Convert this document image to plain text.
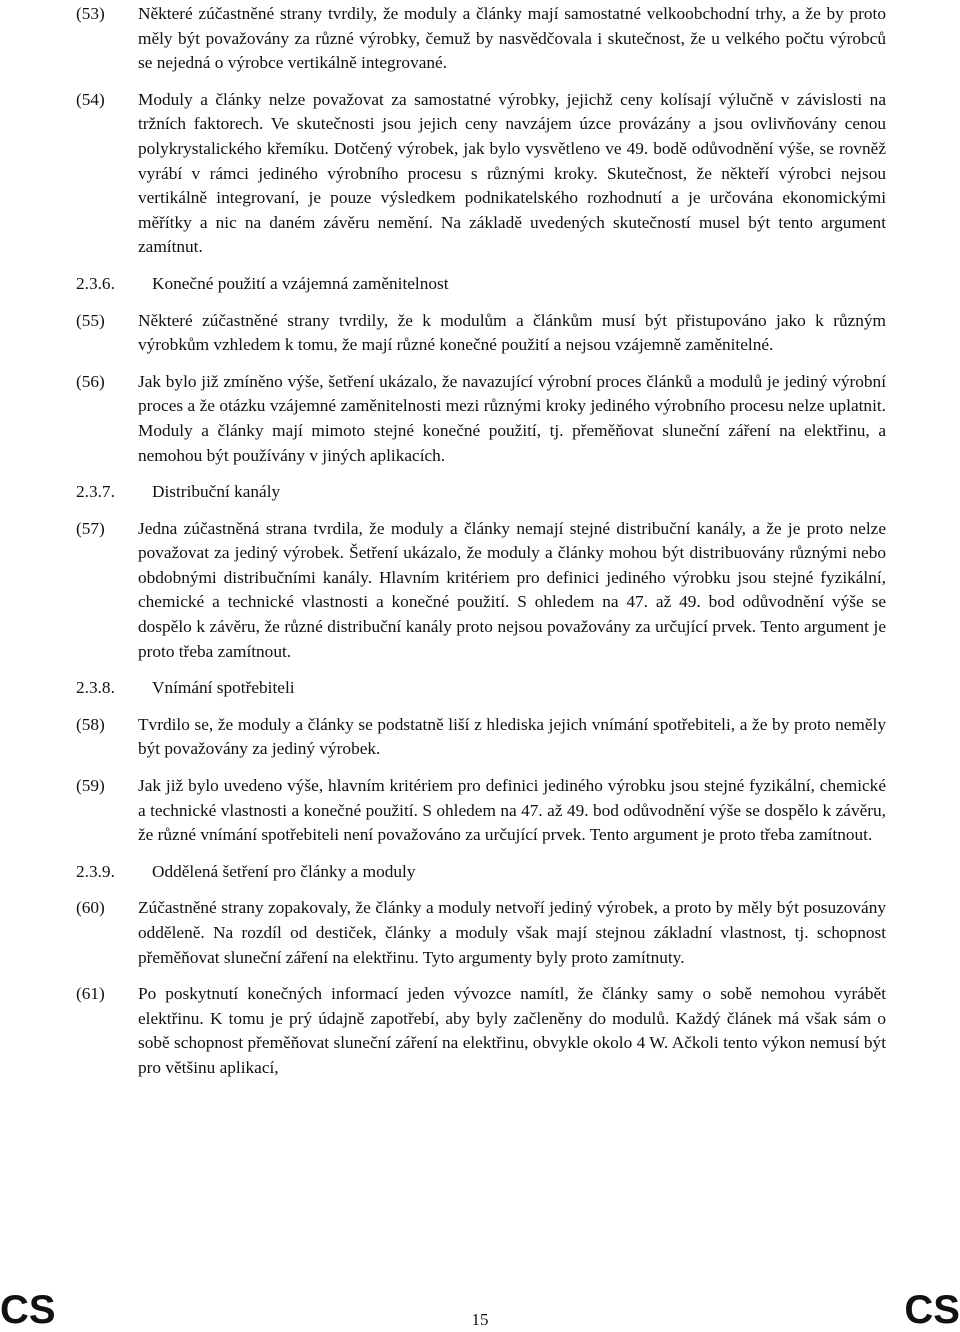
(53) Některé zúčastněné strany tvrdily, že moduly a články mají samostatné velkoobchodní trhy, a že by proto měly být považovány za různé výrobky, čemuž by nasvědčovala i skutečnost, že u velkého počtu výrobců se nejedná o výrobce vertikálně integrované.
(54) Moduly a články nelze považovat za samostatné výrobky, jejichž ceny kolísají výlučně v závislosti na tržních faktorech. Ve skutečnosti jsou jejich ceny navzájem úzce provázány a jsou ovlivňovány cenou polykrystalického křemíku. Dotčený výrobek, jak bylo vysvětleno ve 49. bodě odůvodnění výše, se rovněž vyrábí v rámci jediného výrobního procesu s různými kroky. Skutečnost, že někteří výrobci nejsou vertikálně integrovaní, je pouze výsledkem podnikatelského rozhodnutí a je určována ekonomickými měřítky a nic na daném závěru nemění. Na základě uvedených skutečností musel být tento argument zamítnut.
2.3.6. Konečné použití a vzájemná zaměnitelnost
(55) Některé zúčastněné strany tvrdily, že k modulům a článkům musí být přistupováno jako k různým výrobkům vzhledem k tomu, že mají různé konečné použití a nejsou vzájemně zaměnitelné.
(56) Jak bylo již zmíněno výše, šetření ukázalo, že navazující výrobní proces článků a modulů je jediný výrobní proces a že otázku vzájemné zaměnitelnosti mezi různými kroky jediného výrobního procesu nelze uplatnit. Moduly a články mají mimoto stejné konečné použití, tj. přeměňovat sluneční záření na elektřinu, a nemohou být používány v jiných aplikacích.
2.3.7. Distribuční kanály
(57) Jedna zúčastněná strana tvrdila, že moduly a články nemají stejné distribuční kanály, a že je proto nelze považovat za jediný výrobek. Šetření ukázalo, že moduly a články mohou být distribuovány různými nebo obdobnými distribučními kanály. Hlavním kritériem pro definici jediného výrobku jsou stejné fyzikální, chemické a technické vlastnosti a konečné použití. S ohledem na 47. až 49. bod odůvodnění výše se dospělo k závěru, že různé distribuční kanály proto nejsou považovány za určující prvek. Tento argument je proto třeba zamítnout.
2.3.8. Vnímání spotřebiteli
(58) Tvrdilo se, že moduly a články se podstatně liší z hlediska jejich vnímání spotřebiteli, a že by proto neměly být považovány za jediný výrobek.
(59) Jak již bylo uvedeno výše, hlavním kritériem pro definici jediného výrobku jsou stejné fyzikální, chemické a technické vlastnosti a konečné použití. S ohledem na 47. až 49. bod odůvodnění výše se dospělo k závěru, že různé vnímání spotřebiteli není považováno za určující prvek. Tento argument je proto třeba zamítnout.
2.3.9. Oddělená šetření pro články a moduly
(60) Zúčastněné strany zopakovaly, že články a moduly netvoří jediný výrobek, a proto by měly být posuzovány odděleně. Na rozdíl od destiček, články a moduly však mají stejnou základní vlastnost, tj. schopnost přeměňovat sluneční záření na elektřinu. Tyto argumenty byly proto zamítnuty.
(61) Po poskytnutí konečných informací jeden vývozce namítl, že články samy o sobě nemohou vyrábět elektřinu. K tomu je prý údajně zapotřebí, aby byly začleněny do modulů. Každý článek má však sám o sobě schopnost přeměňovat sluneční záření na elektřinu, obvykle okolo 4 W. Ačkoli tento výkon nemusí být pro většinu aplikací,
CS	15	CS
